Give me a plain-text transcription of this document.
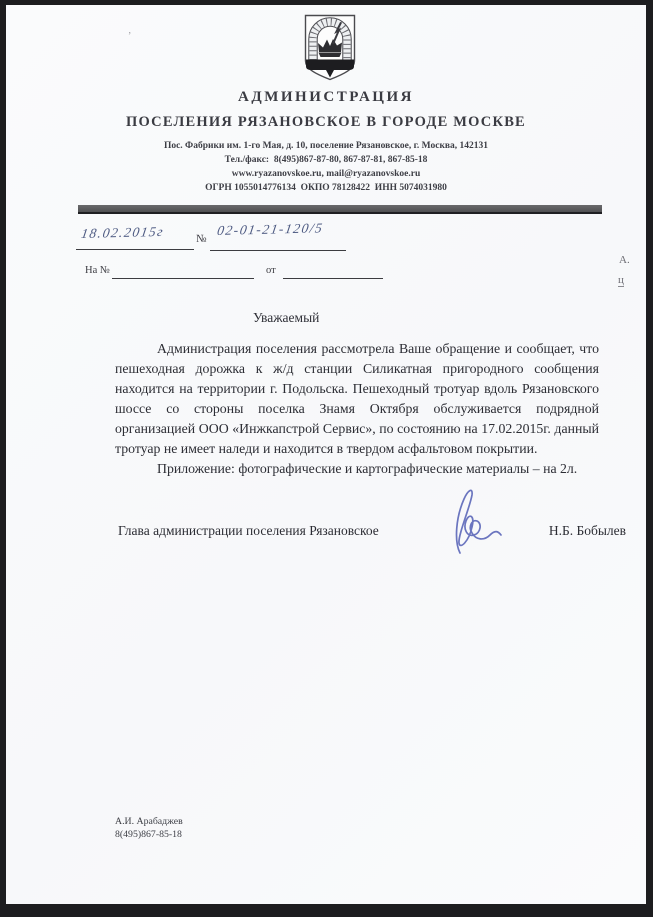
АДМИНИСТРАЦИЯ
ПОСЕЛЕНИЯ РЯЗАНОВСКОЕ В ГОРОДЕ МОСКВЕ
Пос. Фабрики им. 1-го Мая, д. 10, поселение Рязановское, г. Москва, 142131
Тел./факс:  8(495)867-87-80, 867-87-81, 867-85-18
www.ryazanovskoe.ru, mail@ryazanovskoe.ru
ОГРН 1055014776134  ОКПО 78128422  ИНН 5074031980
’
18.02.2015г	№
02-01-21-120/5
На №	от
А.
ц
Уважаемый

Администрация поселения рассмотрела Ваше обращение и сообщает, что пешеходная дорожка к ж/д станции Силикатная пригородного сообщения находится на территории г. Подольска. Пешеходный тротуар вдоль Рязановского шоссе со стороны поселка Знамя Октября обслуживается подрядной организацией ООО «Инжкапстрой Сервис», по состоянию на 17.02.2015г. данный тротуар не имеет наледи и находится в твердом асфальтовом покрытии.

Приложение: фотографические и картографические материалы – на 2л.

Глава администрации поселения Рязановское	Н.Б. Бобылев
А.И. Арабаджев
8(495)867-85-18
